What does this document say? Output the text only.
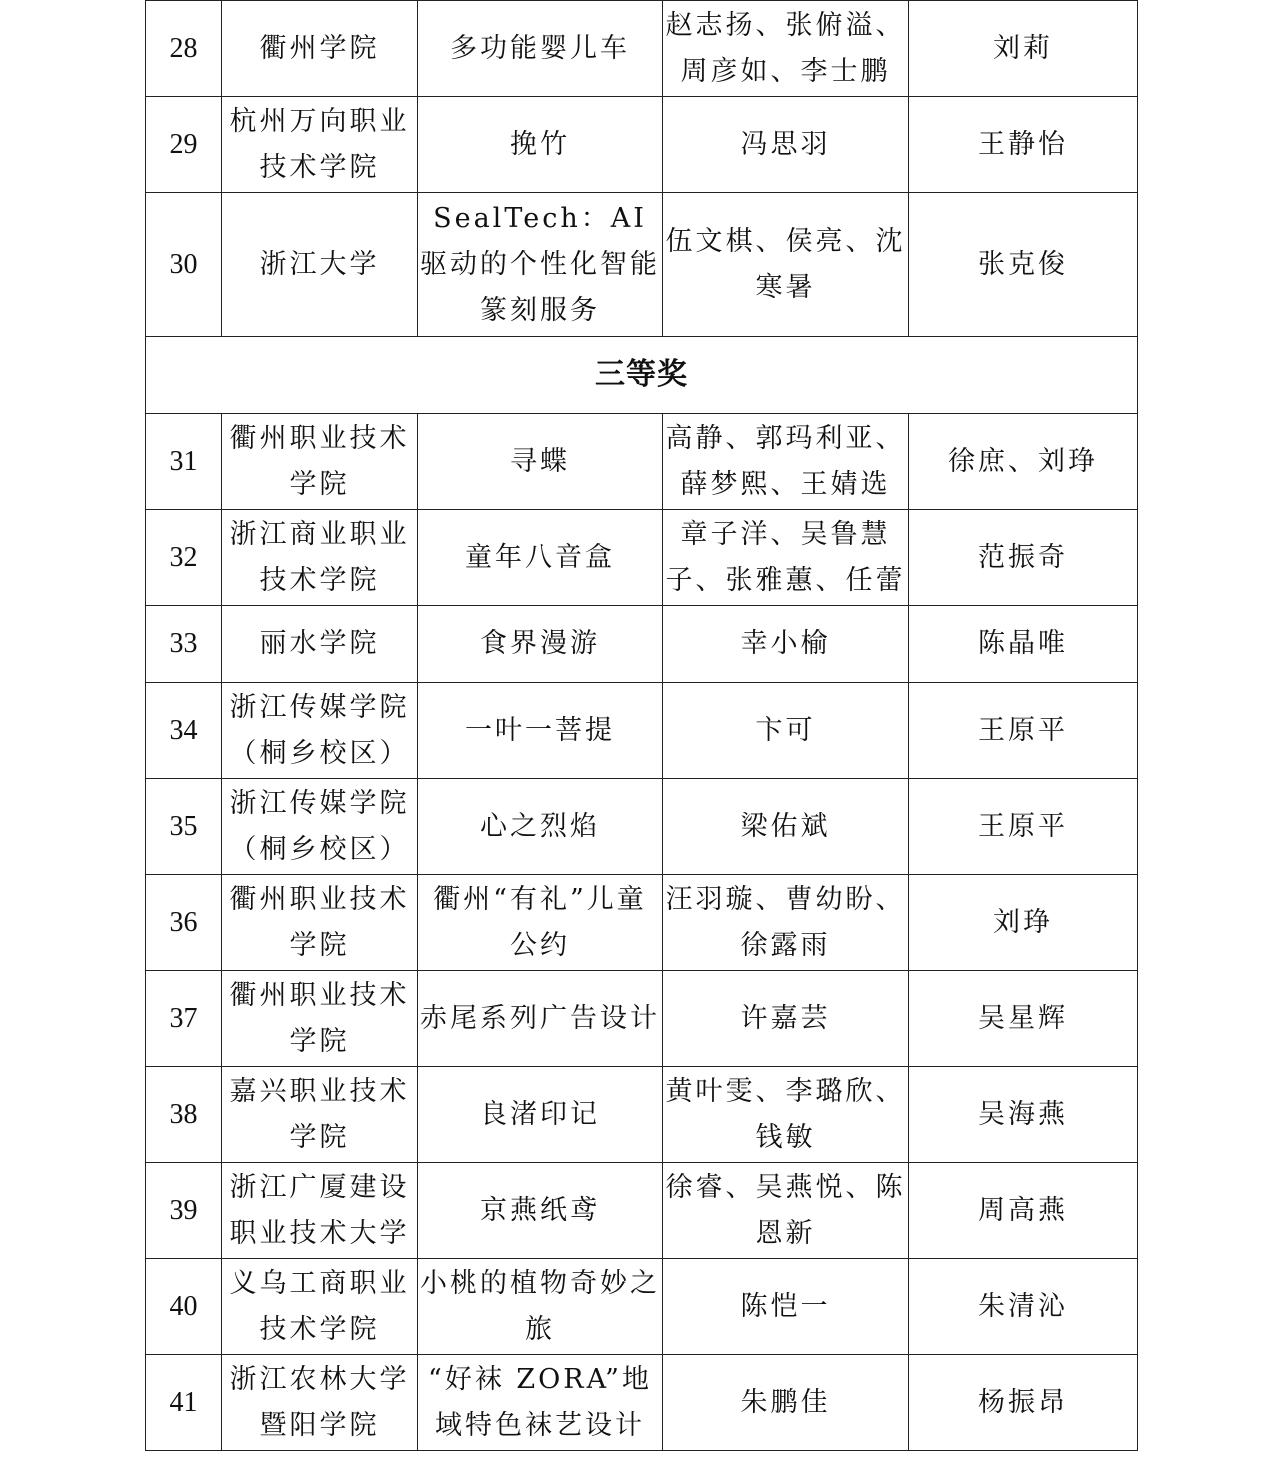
28	衢州学院	多功能婴儿车	赵志扬、张俯溢、周彦如、李士鹏	刘莉
29	杭州万向职业技术学院	挽竹	冯思羽	王静怡
30	浙江大学	SealTech：AI 驱动的个性化智能篆刻服务	伍文棋、侯亮、沈寒暑	张克俊
三等奖				
31	衢州职业技术学院	寻蝶	高静、郭玛利亚、薛梦熙、王婧选	徐庶、刘琤
32	浙江商业职业技术学院	童年八音盒	章子洋、吴鲁慧子、张雅蕙、任蕾	范振奇
33	丽水学院	食界漫游	幸小榆	陈晶唯
34	浙江传媒学院（桐乡校区）	一叶一菩提	卞可	王原平
35	浙江传媒学院（桐乡校区）	心之烈焰	梁佑斌	王原平
36	衢州职业技术学院	衢州“有礼”儿童公约	汪羽璇、曹幼盼、徐露雨	刘琤
37	衢州职业技术学院	赤尾系列广告设计	许嘉芸	吴星辉
38	嘉兴职业技术学院	良渚印记	黄叶雯、李璐欣、钱敏	吴海燕
39	浙江广厦建设职业技术大学	京燕纸鸢	徐睿、吴燕悦、陈恩新	周高燕
40	义乌工商职业技术学院	小桃的植物奇妙之旅	陈恺一	朱清沁
41	浙江农林大学暨阳学院	“好袜 ZORA”地域特色袜艺设计	朱鹏佳	杨振昂
